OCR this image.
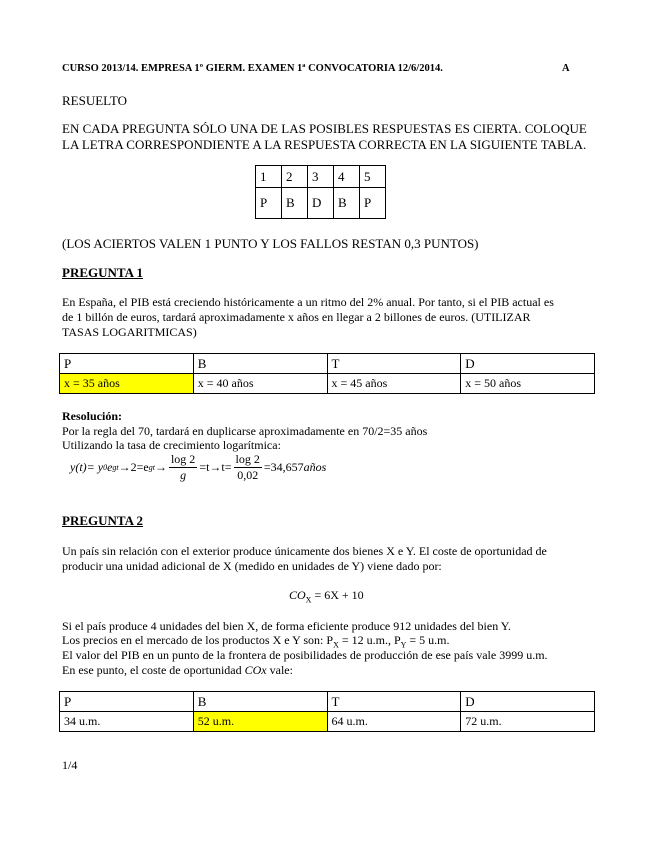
CURSO 2013/14. EMPRESA 1º GIERM. EXAMEN 1ª CONVOCATORIA 12/6/2014.	A
RESUELTO
EN CADA PREGUNTA SÓLO UNA DE LAS POSIBLES RESPUESTAS ES CIERTA. COLOQUE
LA LETRA CORRESPONDIENTE A LA RESPUESTA CORRECTA EN LA SIGUIENTE TABLA.
1	2	3	4	5
P	B	D	B	P
(LOS ACIERTOS VALEN 1 PUNTO Y LOS FALLOS RESTAN 0,3 PUNTOS)
PREGUNTA 1
En España, el PIB está creciendo históricamente a un ritmo del 2% anual. Por tanto, si el PIB actual es
de 1 billón de euros, tardará aproximadamente x años en llegar a 2 billones de euros. (UTILIZAR
TASAS LOGARITMICAS)
P	B	T	D
x = 35 años	x = 40 años	x = 45 años	x = 50 años
Resolución:
Por la regla del 70, tardará en duplicarse aproximadamente en 70/2=35 años
Utilizando la tasa de crecimiento logarítmica:
y(t)= y 0 e gt →2=e gt → $\frac{\log 2}{g} =t\to t= \frac{\log 2}{0,02} =34,657$ años
PREGUNTA 2
Un país sin relación con el exterior produce únicamente dos bienes X e Y. El coste de oportunidad de
producir una unidad adicional de X (medido en unidades de Y) viene dado por:
$CO_X = 6X + 10$
Si el país produce 4 unidades del bien X, de forma eficiente produce 912 unidades del bien Y.
Los precios en el mercado de los productos X e Y son: $P_X = 12$ u.m., $P_Y = 5$ u.m.
El valor del PIB en un punto de la frontera de posibilidades de producción de ese país vale 3999 u.m.
En ese punto, el coste de oportunidad COx vale:
P	B	T	D
34 u.m.	52 u.m.	64 u.m.	72 u.m.
1/4
